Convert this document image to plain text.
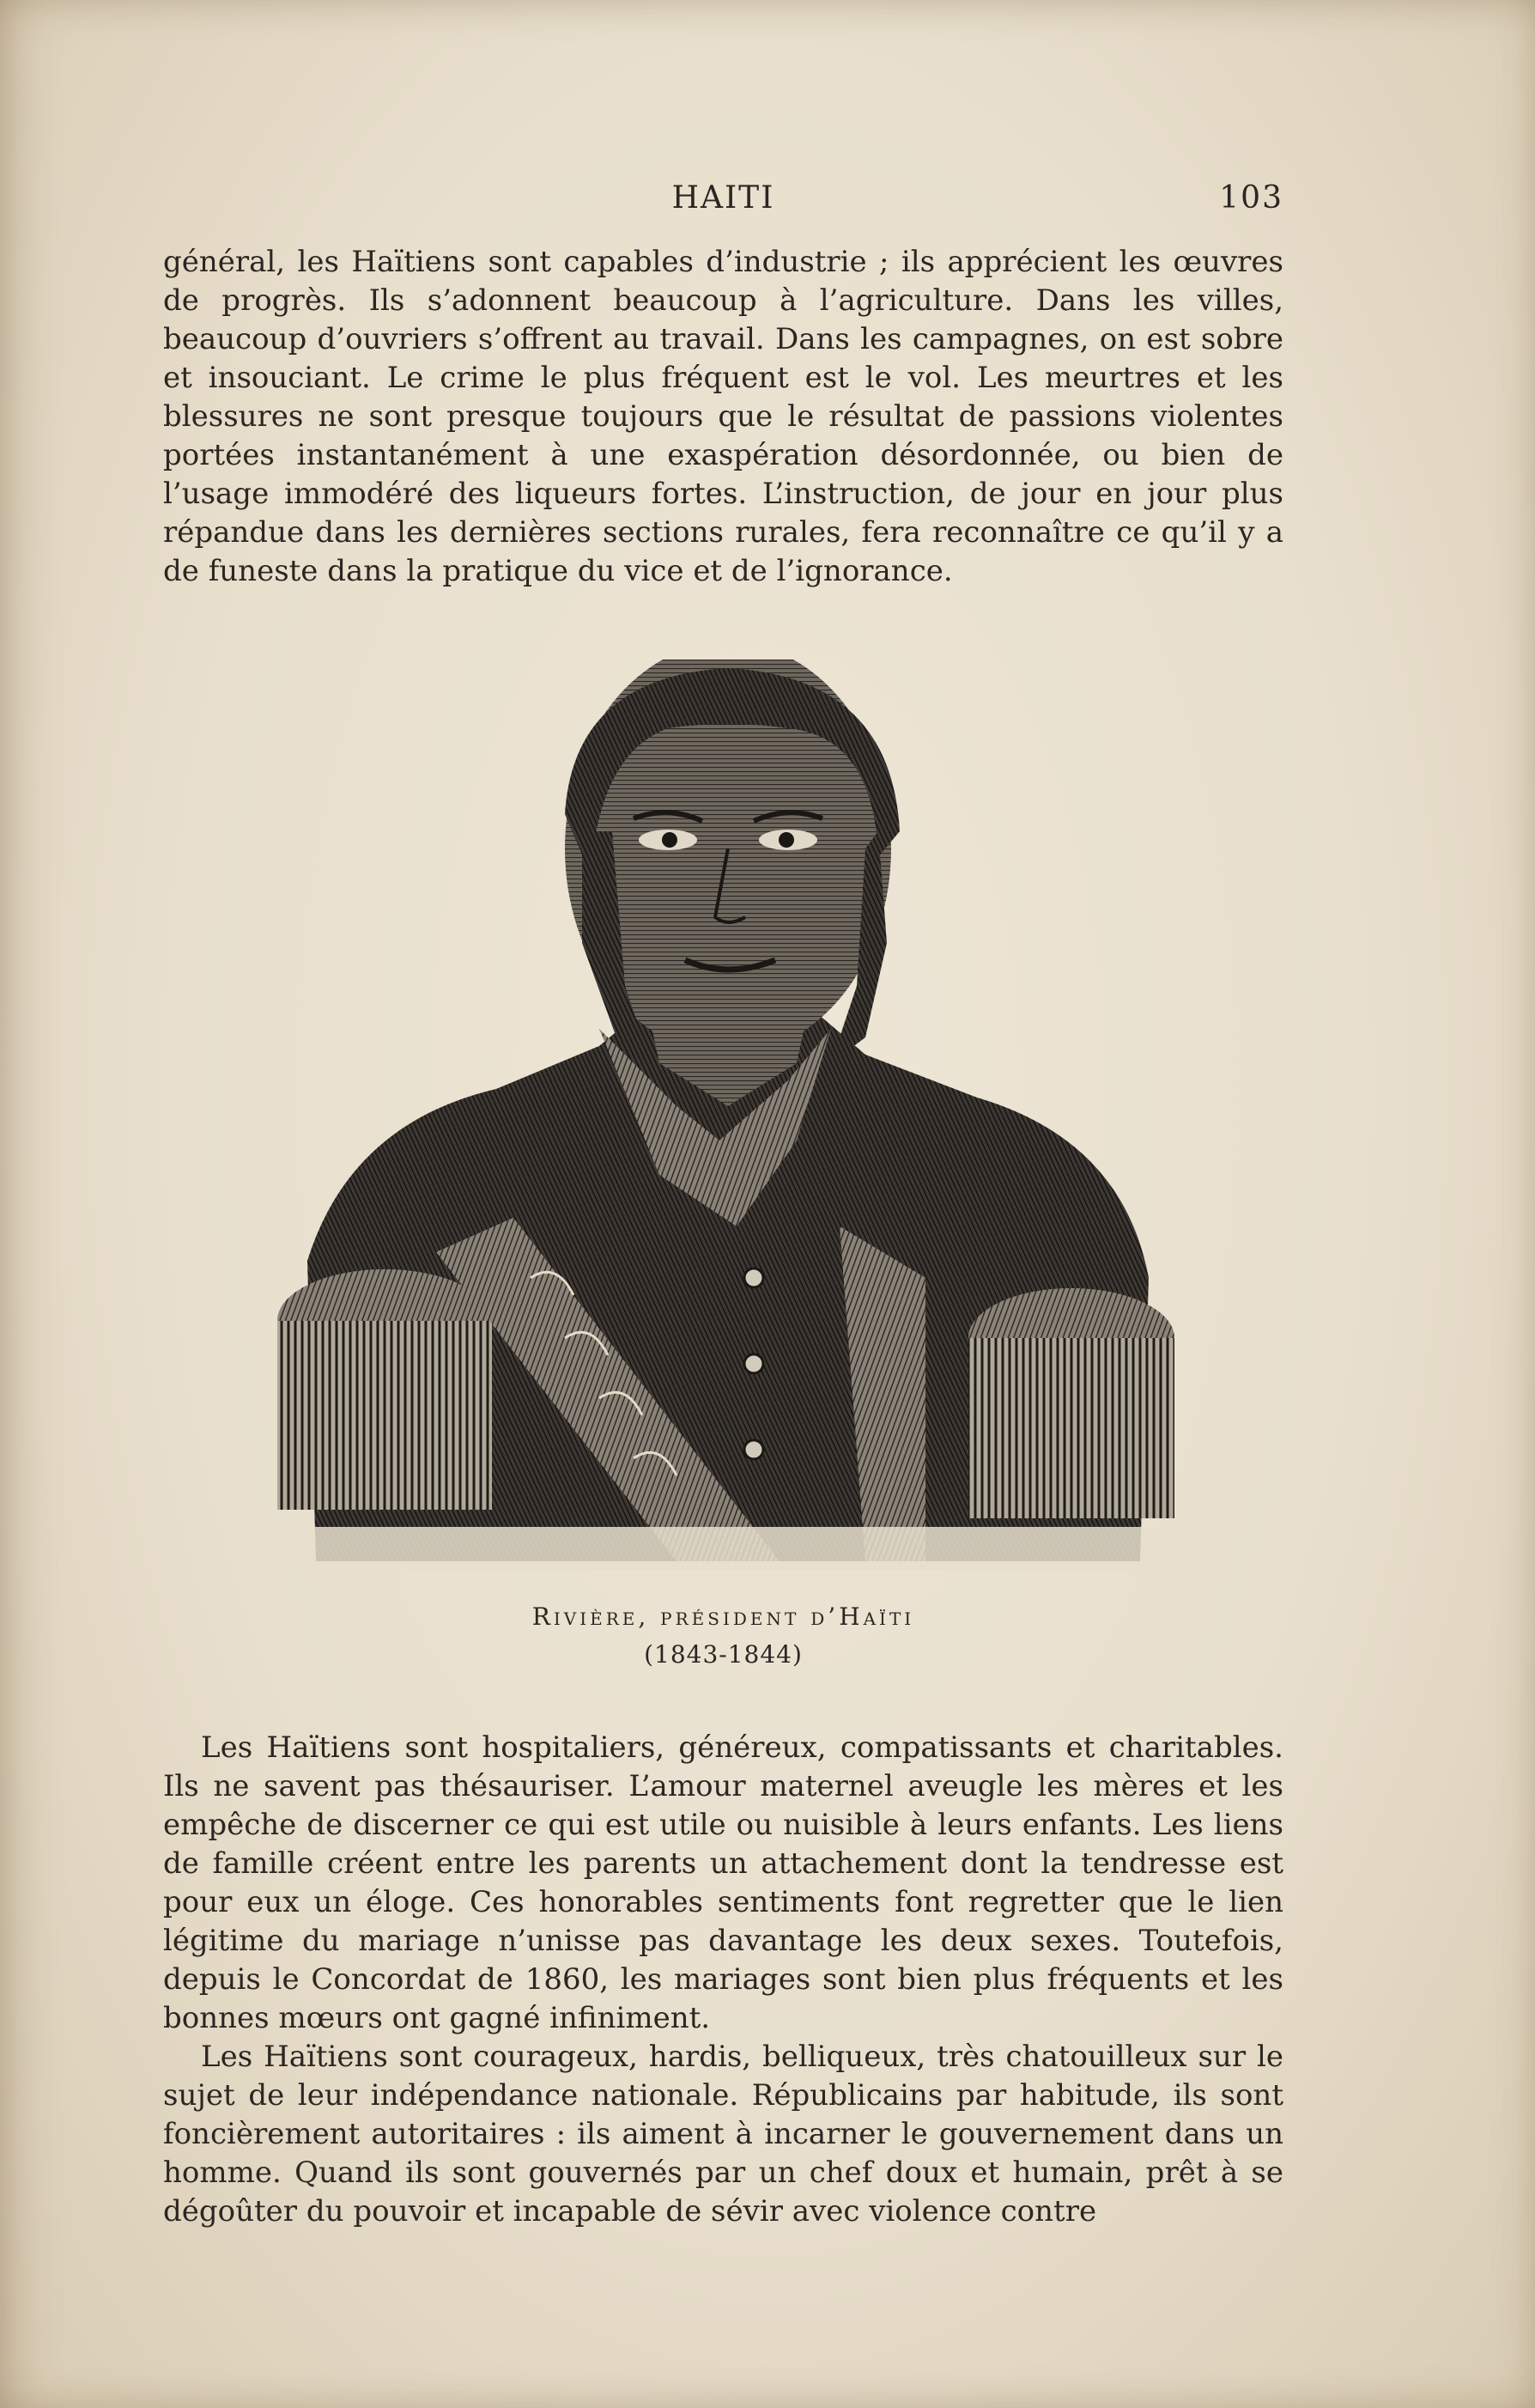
HAITI	103

général, les Haïtiens sont capables d’industrie ; ils apprécient les œuvres de progrès. Ils s’adonnent beaucoup à l’agriculture. Dans les villes, beaucoup d’ouvriers s’offrent au travail. Dans les campagnes, on est sobre et insouciant. Le crime le plus fréquent est le vol. Les meurtres et les blessures ne sont presque toujours que le résultat de passions violentes portées instantanément à une exaspération désordonnée, ou bien de l’usage immodéré des liqueurs fortes. L’instruction, de jour en jour plus répandue dans les dernières sections rurales, fera reconnaître ce qu’il y a de funeste dans la pratique du vice et de l’ignorance.

Rivière, président d’Haïti
(1843-1844)

Les Haïtiens sont hospitaliers, généreux, compatissants et charitables. Ils ne savent pas thésauriser. L’amour maternel aveugle les mères et les empêche de discerner ce qui est utile ou nuisible à leurs enfants. Les liens de famille créent entre les parents un attachement dont la tendresse est pour eux un éloge. Ces honorables sentiments font regretter que le lien légitime du mariage n’unisse pas davantage les deux sexes. Toutefois, depuis le Concordat de 1860, les mariages sont bien plus fréquents et les bonnes mœurs ont gagné infiniment.

Les Haïtiens sont courageux, hardis, belliqueux, très chatouilleux sur le sujet de leur indépendance nationale. Républicains par habitude, ils sont foncièrement autoritaires : ils aiment à incarner le gouvernement dans un homme. Quand ils sont gouvernés par un chef doux et humain, prêt à se dégoûter du pouvoir et incapable de sévir avec violence contre
